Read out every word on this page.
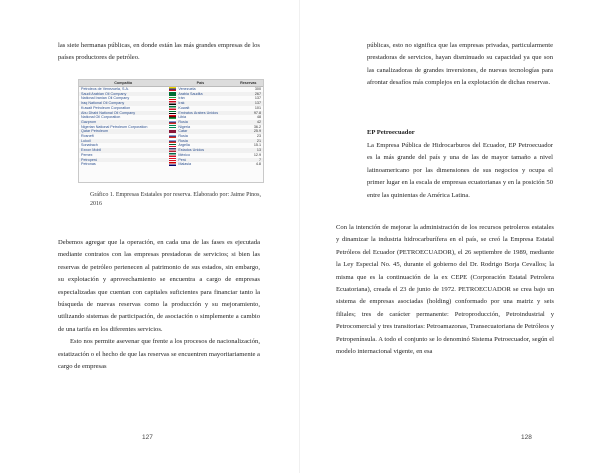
las siete hermanas públicas, en donde están las más grandes empresas de los países productores de petróleo.

Compañía	País	Reservas
Petroleos de Venezuela, S.A.	Venezuela	300
Saudi Arabian Oil Company	Arabia Saudita	267
National Iranian Oil Company	Irán	137
Iraq National Oil Company	Irak	137
Kuwait Petroleum Corporation	Kuwait	101
Abu Dhabi National Oil Company	Emiratos Árabes Unidos	97.8
National Oil Corporation	Libia	48
Gazprom	Rusia	42
Nigerian National Petroleum Corporation	Nigeria	36.2
Qatar Petroleum	Catar	25.9
Rosneft	Rusia	23
Lukoil	Rusia	21
Sonatrach	Argelia	15.1
Exxon Mobil	Estados Unidos	13
Pemex	México	12.9
Petroperú	Perú	7
Petronas	Malasia	4.8
Gráfico 1. Empresas Estatales por reserva. Elaborado por: Jaime Pinos, 2016

Debemos agregar que la operación, en cada una de las fases es ejecutada mediante contratos con las empresas prestadoras de servicios; si bien las reservas de petróleo pertenecen al patrimonio de sus estados, sin embargo, su explotación y aprovechamiento se encuentra a cargo de empresas especializadas que cuentan con capitales suficientes para financiar tanto la búsqueda de nuevas reservas como la producción y su mejoramiento, utilizando sistemas de participación, de asociación o simplemente a cambio de una tarifa en los diferentes servicios.

Esto nos permite asevenar que frente a los procesos de nacionalización, estatización o el hecho de que las reservas se encuentren mayoritariamente a cargo de empresas

127

públicas, esto no significa que las empresas privadas, particularmente prestadoras de servicios, hayan disminuado su capacidad ya que son las canalizadoras de grandes inversiones, de nuevas tecnologías para afrontar desafíos más complejos en la explotación de dichas reservas.

EP Petroecuador

La Empresa Pública de Hidrocarburos del Ecuador, EP Petroecuador es la más grande del país y una de las de mayor tamaño a nivel latinoamericano por las dimensiones de sus negocios y ocupa el primer lugar en la escala de empresas ecuatorianas y en la posición 50 entre las quinientas de América Latina.

Con la intención de mejorar la administración de los recursos petroleros estatales y dinamizar la industria hidrocarburífera en el país, se creó la Empresa Estatal Petróleos del Ecuador (PETROECUADOR), el 26 septiembre de 1989, mediante la Ley Especial No. 45, durante el gobierno del Dr. Rodrigo Borja Cevallos; la misma que es la continuación de la ex CEPE (Corporación Estatal Petrolera Ecuatoriana), creada el 23 de junio de 1972. PETROECUADOR se crea bajo un sistema de empresas asociadas (holding) conformado por una matriz y seis filiales; tres de carácter permanente: Petroproducción, Petroindustrial y Petrocomercial y tres transitorias: Petroamazonas, Transecuatoriana de Petróleos y Petropenínsula. A todo el conjunto se lo denominó Sistema Petroecuador, según el modelo internacional vigente, en esa

128
